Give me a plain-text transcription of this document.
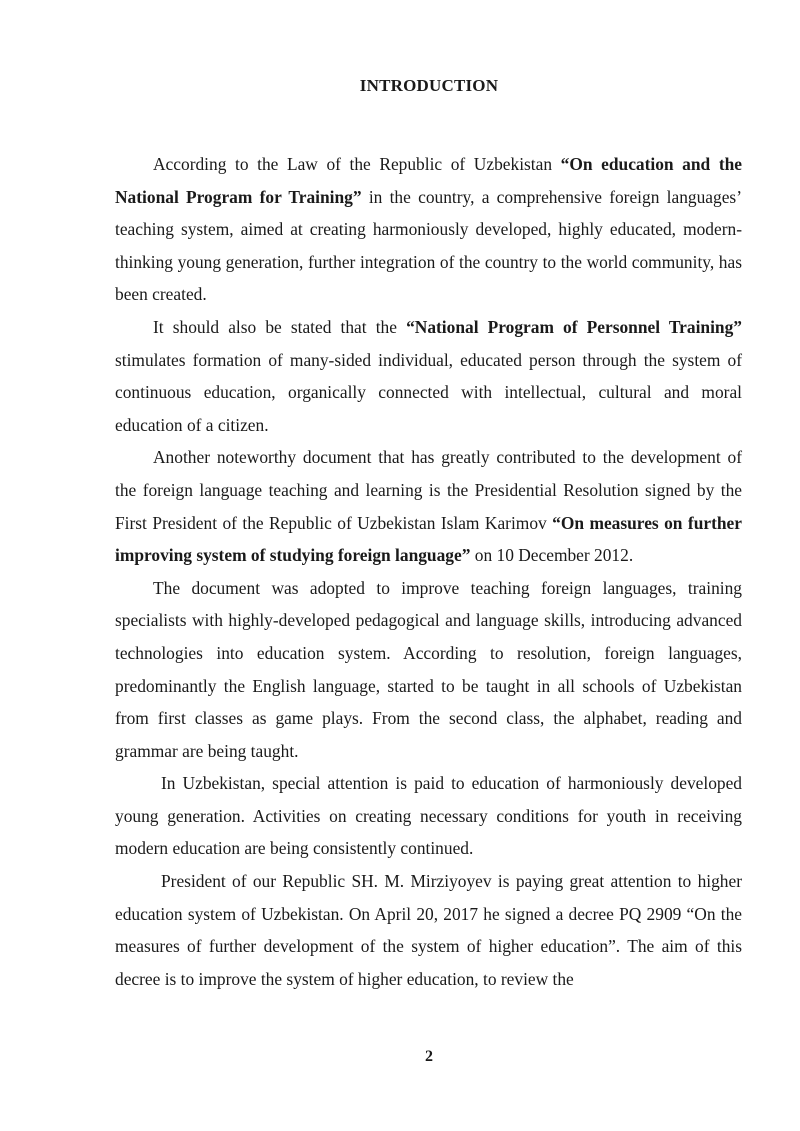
INTRODUCTION

According to the Law of the Republic of Uzbekistan “On education and the National Program for Training” in the country, a comprehensive foreign languages’ teaching system, aimed at creating harmoniously developed, highly educated, modern-thinking young generation, further integration of the country to the world community, has been created.

It should also be stated that the “National Program of Personnel Training” stimulates formation of many-sided individual, educated person through the system of continuous education, organically connected with intellectual, cultural and moral education of a citizen.

Another noteworthy document that has greatly contributed to the development of the foreign language teaching and learning is the Presidential Resolution signed by the First President of the Republic of Uzbekistan Islam Karimov “On measures on further improving system of studying foreign language” on 10 December 2012.

The document was adopted to improve teaching foreign languages, training specialists with highly-developed pedagogical and language skills, introducing advanced technologies into education system. According to resolution, foreign languages, predominantly the English language, started to be taught in all schools of Uzbekistan from first classes as game plays. From the second class, the alphabet, reading and grammar are being taught.

In Uzbekistan, special attention is paid to education of harmoniously developed young generation. Activities on creating necessary conditions for youth in receiving modern education are being consistently continued.

President of our Republic SH. M. Mirziyoyev is paying great attention to higher education system of Uzbekistan. On April 20, 2017 he signed a decree PQ 2909 “On the measures of further development of the system of higher education”. The aim of this decree is to improve the system of higher education, to review the

2
